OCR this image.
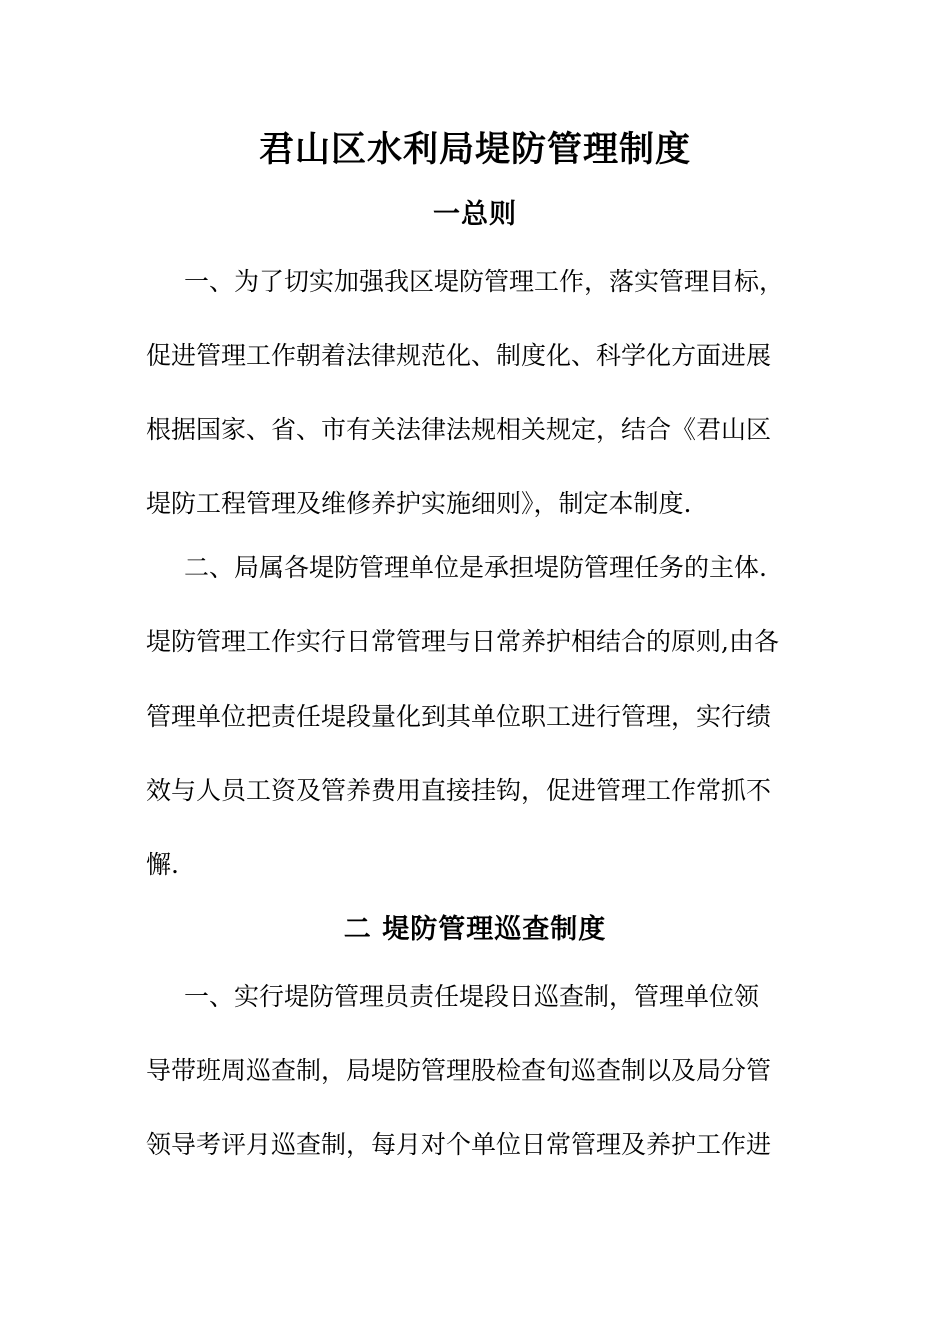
君山区水利局堤防管理制度
一总则

一、为了切实加强我区堤防管理工作，落实管理目标，

促进管理工作朝着法律规范化、制度化、科学化方面进展

根据国家、省、市有关法律法规相关规定，结合《君山区

堤防工程管理及维修养护实施细则》，制定本制度.

二、局属各堤防管理单位是承担堤防管理任务的主体.

堤防管理工作实行日常管理与日常养护相结合的原则,由各

管理单位把责任堤段量化到其单位职工进行管理，实行绩

效与人员工资及管养费用直接挂钩，促进管理工作常抓不

懈.

二 堤防管理巡查制度

一、实行堤防管理员责任堤段日巡查制，管理单位领

导带班周巡查制，局堤防管理股检查旬巡查制以及局分管

领导考评月巡查制，每月对个单位日常管理及养护工作进
